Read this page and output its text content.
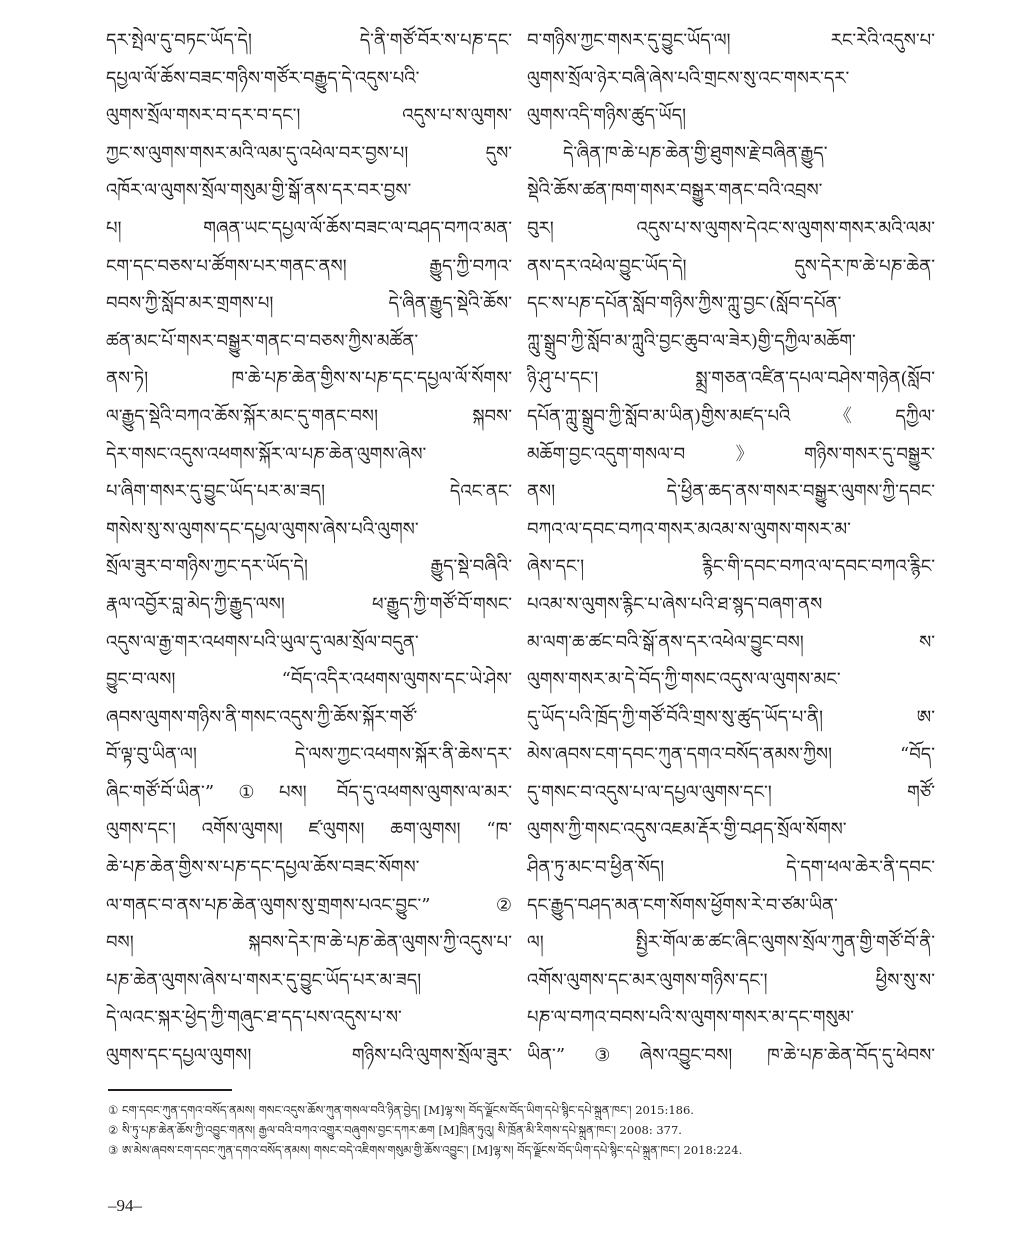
དར་སྤེལ་དུ་བཏང་ཡོད་དེ། དེ་ནི་གཙོ་བོར་ས་པཎ་དང་
དཔྱལ་ལོ་ཆོས་བཟང་གཉིས་གཙོར་བརྒྱུད་དེ་འདུས་པའི་
ལུགས་སྲོལ་གསར་བ་དར་བ་དང་། འདུས་པ་ས་ལུགས་
ཀྱང་ས་ལུགས་གསར་མའི་ལམ་དུ་འཕེལ་བར་བྱས་པ། དུས་
འཁོར་ལ་ལུགས་སྲོལ་གསུམ་གྱི་སྒོ་ནས་དར་བར་བྱས་
པ། གཞན་ཡང་དཔྱལ་ལོ་ཆོས་བཟང་ལ་བཤད་བཀའ་མན་
ངག་དང་བཅས་པ་ཚོགས་པར་གནང་ནས། རྒྱུད་ཀྱི་བཀའ་
བབས་ཀྱི་སློབ་མར་གྲགས་པ། དེ་ཞིན་རྒྱུད་སྡེའི་ཆོས་
ཚན་མང་པོ་གསར་བསྒྱུར་གནང་བ་བཅས་ཀྱིས་མཚོན་
ནས་ཏེ། ཁ་ཆེ་པཎ་ཆེན་གྱིས་ས་པཎ་དང་དཔྱལ་ལོ་སོགས་
ལ་རྒྱུད་སྡེའི་བཀའ་ཆོས་སྐོར་མང་དུ་གནང་བས། སྐབས་
དེར་གསང་འདུས་འཕགས་སྐོར་ལ་པཎ་ཆེན་ལུགས་ཞེས་
པ་ཞིག་གསར་དུ་བྱུང་ཡོད་པར་མ་ཟད། དེའང་ནང་
གསེས་སུ་ས་ལུགས་དང་དཔྱལ་ལུགས་ཞེས་པའི་ལུགས་
སྲོལ་ཟུར་བ་གཉིས་ཀྱང་དར་ཡོད་དེ། རྒྱུད་སྡེ་བཞིའི་
རྣལ་འབྱོར་བླ་མེད་ཀྱི་རྒྱུད་ལས། ཕ་རྒྱུད་ཀྱི་གཙོ་བོ་གསང་
འདུས་ལ་རྒྱ་གར་འཕགས་པའི་ཡུལ་དུ་ལམ་སྲོལ་བདུན་
བྱུང་བ་ལས། “བོད་འདིར་འཕགས་ལུགས་དང་ཡེ་ཤེས་
ཞབས་ལུགས་གཉིས་ནི་གསང་འདུས་ཀྱི་ཆོས་སྐོར་གཙོ་
བོ་ལྟ་བུ་ཡིན་ལ། དེ་ལས་ཀྱང་འཕགས་སྐོར་ནི་ཆེས་དར་
ཞིང་གཙོ་བོ་ཡིན་”①པས། བོད་དུ་འཕགས་ལུགས་ལ་མར་
ལུགས་དང་། འགོས་ལུགས། ཛ་ལུགས། ཆག་ལུགས། “ཁ་
ཆེ་པཎ་ཆེན་གྱིས་ས་པཎ་དང་དཔྱལ་ཆོས་བཟང་སོགས་
ལ་གནང་བ་ནས་པཎ་ཆེན་ལུགས་སུ་གྲགས་པའང་བྱུང་”②
བས། སྐབས་དེར་ཁ་ཆེ་པཎ་ཆེན་ལུགས་ཀྱི་འདུས་པ་
པཎ་ཆེན་ལུགས་ཞེས་པ་གསར་དུ་བྱུང་ཡོད་པར་མ་ཟད།
དེ་ལའང་སྐར་ཕྱེད་ཀྱི་གཞུང་ཐ་དད་པས་འདུས་པ་ས་
ལུགས་དང་དཔྱལ་ལུགས། གཉིས་པའི་ལུགས་སྲོལ་ཟུར་
བ་གཉིས་ཀྱང་གསར་དུ་བྱུང་ཡོད་ལ། རང་རེའི་འདུས་པ་
ལུགས་སྲོལ་ཉེར་བཞི་ཞེས་པའི་གྲངས་སུ་འང་གསར་དར་
ལུགས་འདི་གཉིས་ཚུད་ཡོད།
དེ་ཞིན་ཁ་ཆེ་པཎ་ཆེན་གྱི་ཐུགས་རྗེ་བཞིན་རྒྱུད་
སྡེའི་ཆོས་ཚན་ཁག་གསར་བསྒྱུར་གནང་བའི་འབྲས་
བུར། འདུས་པ་ས་ལུགས་དེའང་ས་ལུགས་གསར་མའི་ལམ་
ནས་དར་འཕེལ་བྱུང་ཡོད་དེ། དུས་དེར་ཁ་ཆེ་པཎ་ཆེན་
དང་ས་པཎ་དཔོན་སློབ་གཉིས་ཀྱིས་ཀླུ་བྱང་(སློབ་དཔོན་
ཀླུ་སྒྲུབ་ཀྱི་སློབ་མ་ཀླུའི་བྱང་ཆུབ་ལ་ཟེར)གྱི་དཀྱིལ་མཆོག་
ཉི་ཤུ་པ་དང་། སྨྲ་གཅན་འཛིན་དཔལ་བཤེས་གཉེན(སློབ་
དཔོན་ཀླུ་སྒྲུབ་ཀྱི་སློབ་མ་ཡིན)གྱིས་མཛད་པའི《དཀྱིལ་
མཆོག་བྱང་འདུག་གསལ་བ》གཉིས་གསར་དུ་བསྒྱུར་
ནས། དེ་ཕྱིན་ཆད་ནས་གསར་བསྒྱུར་ལུགས་ཀྱི་དབང་
བཀའ་ལ་དབང་བཀའ་གསར་མའམ་ས་ལུགས་གསར་མ་
ཞེས་དང་། རྙིང་གི་དབང་བཀའ་ལ་དབང་བཀའ་རྙིང་
པའམ་ས་ལུགས་རྙིང་པ་ཞེས་པའི་ཐ་སྙད་བཞག་ནས
མ་ལག་ཆ་ཚང་བའི་སྒོ་ནས་དར་འཕེལ་བྱུང་བས། ས་
ལུགས་གསར་མ་དེ་བོད་ཀྱི་གསང་འདུས་ལ་ལུགས་མང་
དུ་ཡོད་པའི་ཁྲོད་ཀྱི་གཙོ་བོའི་གྲས་སུ་ཚུད་ཡོད་པ་ནི། ཨ་
མེས་ཞབས་ངག་དབང་ཀུན་དགའ་བསོད་ནམས་ཀྱིས། “བོད་
དུ་གསང་བ་འདུས་པ་ལ་དཔྱལ་ལུགས་དང་། གཙོ་
ལུགས་ཀྱི་གསང་འདུས་འཇམ་རྡོར་གྱི་བཤད་སྲོལ་སོགས་
ཤིན་ཏུ་མང་བ་ཕྱིན་སོད། དེ་དག་ཕལ་ཆེར་ནི་དབང་
དང་རྒྱུད་བཤད་མན་ངག་སོགས་ཕྱོགས་རེ་བ་ཙམ་ཡིན་
ལ། སྤྱིར་གོལ་ཆ་ཚང་ཞིང་ལུགས་སྲོལ་ཀུན་གྱི་གཙོ་བོ་ནི་
འགོས་ལུགས་དང་མར་ལུགས་གཉིས་དང་། ཕྱིས་སུ་ས་
པཎ་ལ་བཀའ་བབས་པའི་ས་ལུགས་གསར་མ་དང་གསུམ་
ཡིན་”③ཞེས་འབྱུང་བས། ཁ་ཆེ་པཎ་ཆེན་བོད་དུ་ཕེབས་
① ངག་དབང་ཀུན་དགའ་བསོད་ནམས། གསང་འདུས་ཆོས་ཀུན་གསལ་བའི་ཉིན་བྱེད། [M]ལྷ་ས། བོད་ལྗོངས་བོད་ཡིག་དཔེ་སྙིང་དཔེ་སྐྲུན་ཁང་། 2015:186.
② སི་ཏུ་པཎ་ཆེན་ཆོས་ཀྱི་འབྱུང་གནས། རྒྱལ་བའི་བཀའ་འགྱུར་བཞུགས་བྱང་དཀར་ཆག [M]ཁྲིན་ཏུའུ། སི་ཁྲོན་མི་རིགས་དཔེ་སྐྲུན་ཁང་། 2008: 377.
③ ཨ་མེས་ཞབས་ངག་དབང་ཀུན་དགའ་བསོད་ནམས། གསང་བདེ་འཇིགས་གསུམ་གྱི་ཆོས་འབྱུང་། [M]ལྷ་ས། བོད་ལྗོངས་བོད་ཡིག་དཔེ་སྙིང་དཔེ་སྐྲུན་ཁང་། 2018:224.
–94–
